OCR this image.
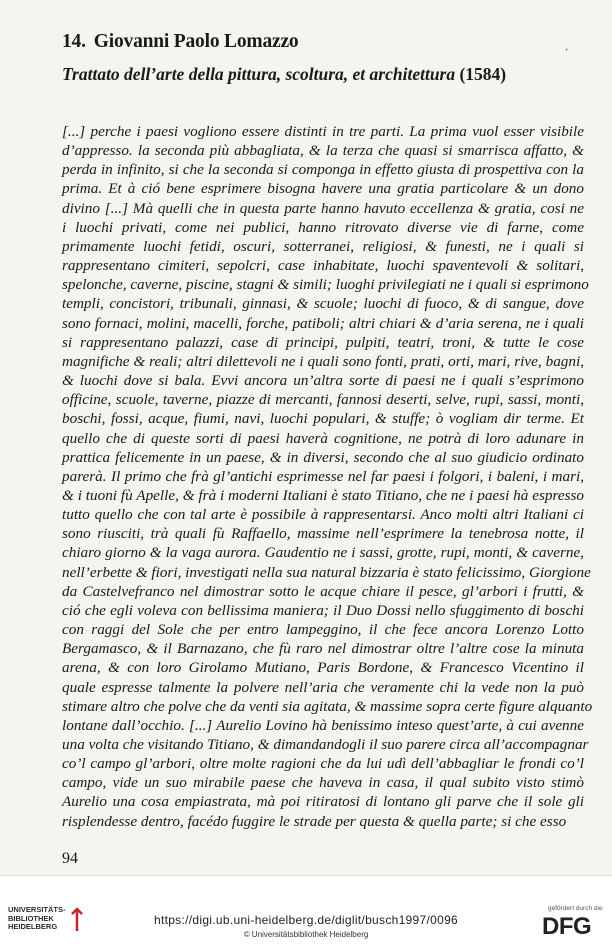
14. Giovanni Paolo Lomazzo
´
Trattato dell’arte della pittura, scoltura, et architettura (1584)

[...] perche i paesi vogliono essere distinti in tre parti. La prima vuol esser visibile
d’appresso. la seconda più abbagliata, & la terza che quasi si smarrisca affatto, &
perda in infinito, si che la seconda si componga in effetto giusta di prospettiva con la
prima. Et à ció bene esprimere bisogna havere una gratia particolare & un dono
divino [...] Mà quelli che in questa parte hanno havuto eccellenza & gratia, cosi ne
i luochi privati, come nei publici, hanno ritrovato diverse vie di farne, come
primamente luochi fetidi, oscuri, sotterranei, religiosi, & funesti, ne i quali si
rappresentano cimiteri, sepolcri, case inhabitate, luochi spaventevoli & solitari,
spelonche, caverne, piscine, stagni & simili; luoghi privilegiati ne i quali si esprimono
templi, concistori, tribunali, ginnasi, & scuole; luochi di fuoco, & di sangue, dove
sono fornaci, molini, macelli, forche, patiboli; altri chiari & d’aria serena, ne i quali
si rappresentano palazzi, case di principi, pulpiti, teatri, troni, & tutte le cose
magnifiche & reali; altri dilettevoli ne i quali sono fonti, prati, orti, mari, rive, bagni,
& luochi dove si bala. Evvi ancora un’altra sorte di paesi ne i quali s’esprimono
officine, scuole, taverne, piazze di mercanti, fannosi deserti, selve, rupi, sassi, monti,
boschi, fossi, acque, fiumi, navi, luochi populari, & stuffe; ò vogliam dir terme. Et
quello che di queste sorti di paesi haverà cognitione, ne potrà di loro adunare in
prattica felicemente in un paese, & in diversi, secondo che al suo giudicio ordinato
parerà. Il primo che frà gl’antichi esprimesse nel far paesi i folgori, i baleni, i mari,
& i tuoni fù Apelle, & frà i moderni Italiani è stato Titiano, che ne i paesi hà espresso
tutto quello che con tal arte è possibile à rappresentarsi. Anco molti altri Italiani ci
sono riusciti, trà quali fù Raffaello, massime nell’esprimere la tenebrosa notte, il
chiaro giorno & la vaga aurora. Gaudentio ne i sassi, grotte, rupi, monti, & caverne,
nell’erbette & fiori, investigati nella sua natural bizzaria è stato felicissimo, Giorgione
da Castelvefranco nel dimostrar sotto le acque chiare il pesce, gl’arbori i frutti, &
ció che egli voleva con bellissima maniera; il Duo Dossi nello sfuggimento di boschi
con raggi del Sole che per entro lampeggino, il che fece ancora Lorenzo Lotto
Bergamasco, & il Barnazano, che fù raro nel dimostrar oltre l’altre cose la minuta
arena, & con loro Girolamo Mutiano, Paris Bordone, & Francesco Vicentino il
quale espresse talmente la polvere nell’aria che veramente chi la vede non la può
stimare altro che polve che da venti sia agitata, & massime sopra certe figure alquanto
lontane dall’occhio. [...] Aurelio Lovino hà benissimo inteso quest’arte, à cui avenne
una volta che visitando Titiano, & dimandandogli il suo parere circa all’accompagnar
co’l campo gl’arbori, oltre molte ragioni che da lui udì dell’abbagliar le frondi co’l
campo, vide un suo mirabile paese che haveva in casa, il qual subito visto stimò
Aurelio una cosa empiastrata, mà poi ritiratosi di lontano gli parve che il sole gli
risplendesse dentro, facédo fuggire le strade per questa & quella parte; si che esso

94
UNIVERSITÄTS- BIBLIOTHEK HEIDELBERG	https://digi.ub.uni-heidelberg.de/diglit/busch1997/0096
© Universitätsbibliothek Heidelberg
gefördert durch die
DFG
